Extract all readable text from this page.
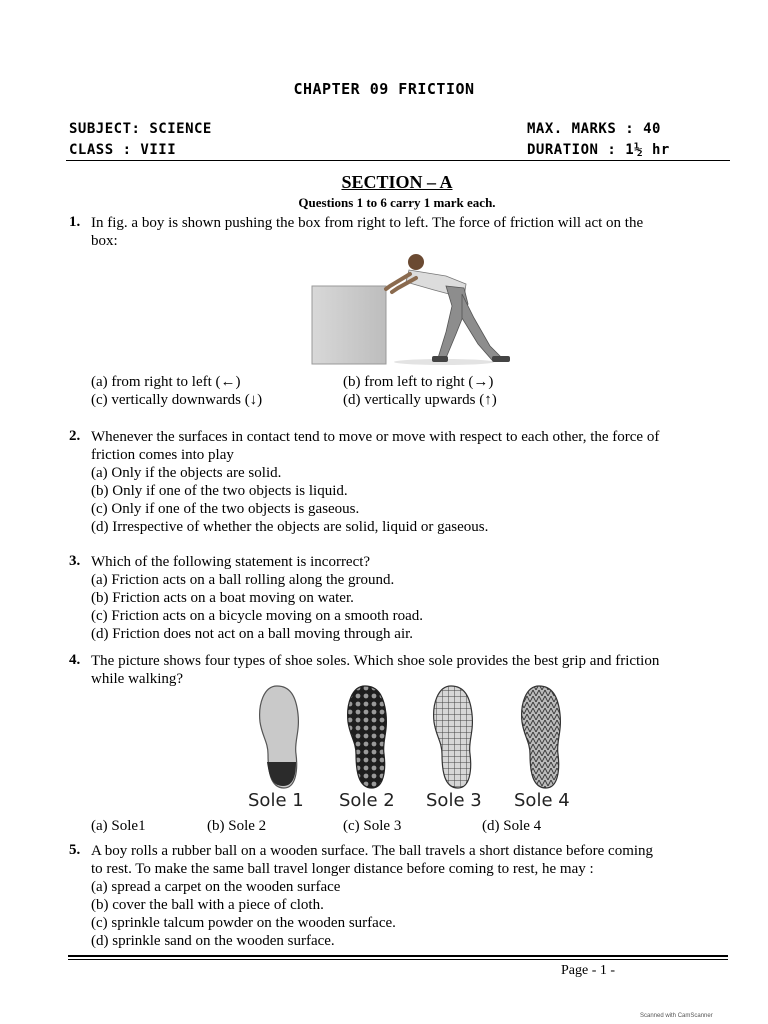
CHAPTER 09 FRICTION
SUBJECT: SCIENCE	MAX. MARKS : 40
CLASS : VIII	DURATION : 1½ hr
SECTION – A
Questions 1 to 6 carry 1 mark each.
1. In fig. a boy is shown pushing the box from right to left. The force of friction will act on the
box:
(a) from right to left (←)	(b) from left to right (→)
(c) vertically downwards (↓)	(d) vertically upwards (↑)
2. Whenever the surfaces in contact tend to move or move with respect to each other, the force of
friction comes into play
(a) Only if the objects are solid.
(b) Only if one of the two objects is liquid.
(c) Only if one of the two objects is gaseous.
(d) Irrespective of whether the objects are solid, liquid or gaseous.
3. Which of the following statement is incorrect?
(a) Friction acts on a ball rolling along the ground.
(b) Friction acts on a boat moving on water.
(c) Friction acts on a bicycle moving on a smooth road.
(d) Friction does not act on a ball moving through air.
4. The picture shows four types of shoe soles. Which shoe sole provides the best grip and friction
while walking?
Sole 1 Sole 2 Sole 3 Sole 4
(a) Sole1	(b) Sole 2	(c) Sole 3	(d) Sole 4
5. A boy rolls a rubber ball on a wooden surface. The ball travels a short distance before coming
to rest. To make the same ball travel longer distance before coming to rest, he may :
(a) spread a carpet on the wooden surface
(b) cover the ball with a piece of cloth.
(c) sprinkle talcum powder on the wooden surface.
(d) sprinkle sand on the wooden surface.
Page - 1 -
Scanned with CamScanner
